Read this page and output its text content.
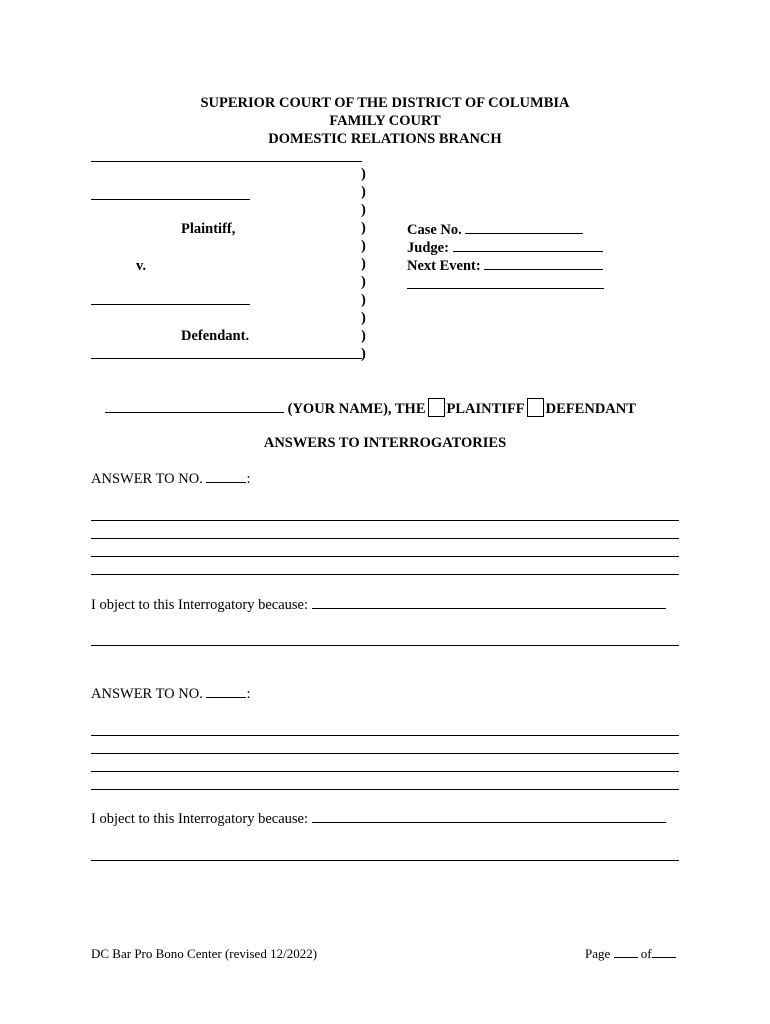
SUPERIOR COURT OF THE DISTRICT OF COLUMBIA
FAMILY COURT
DOMESTIC RELATIONS BRANCH
Plaintiff,
v.
Defendant.
)
)
)
)
)
)
)
)
)
)
)
Case No.
Judge:
Next Event:
(YOUR NAME), THE PLAINTIFF DEFENDANT
ANSWERS TO INTERROGATORIES
ANSWER TO NO.	:
I object to this Interrogatory because:
ANSWER TO NO.	:
I object to this Interrogatory because:
DC Bar Pro Bono Center (revised 12/2022)	Page of
